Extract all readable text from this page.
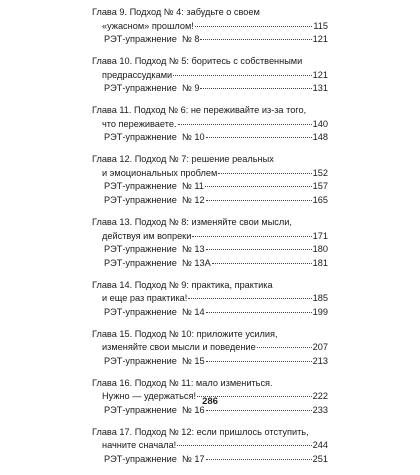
Глава 9. Подход № 4: забудьте о своем
«ужасном» прошлом!	115
РЭТ-упражнение № 8	121
Глава 10. Подход № 5: боритесь с собственными
предрассудками	121
РЭТ-упражнение № 9	131
Глава 11. Подход № 6: не переживайте из-за того,
что переживаете.	140
РЭТ-упражнение № 10	148
Глава 12. Подход № 7: решение реальных
и эмоциональных проблем	152
РЭТ-упражнение № 11	157
РЭТ-упражнение № 12	165
Глава 13. Подход № 8: изменяйте свои мысли,
действуя им вопреки	171
РЭТ-упражнение № 13	180
РЭТ-упражнение № 13А	181
Глава 14. Подход № 9: практика, практика
и еще раз практика!	185
РЭТ-упражнение № 14	199
Глава 15. Подход № 10: приложите усилия,
изменяйте свои мысли и поведение	207
РЭТ-упражнение № 15	213
Глава 16. Подход № 11: мало измениться.
Нужно — удержаться!	222
РЭТ-упражнение № 16	233
Глава 17. Подход № 12: если пришлось отступить,
начните сначала!	244
РЭТ-упражнение № 17	251
286
